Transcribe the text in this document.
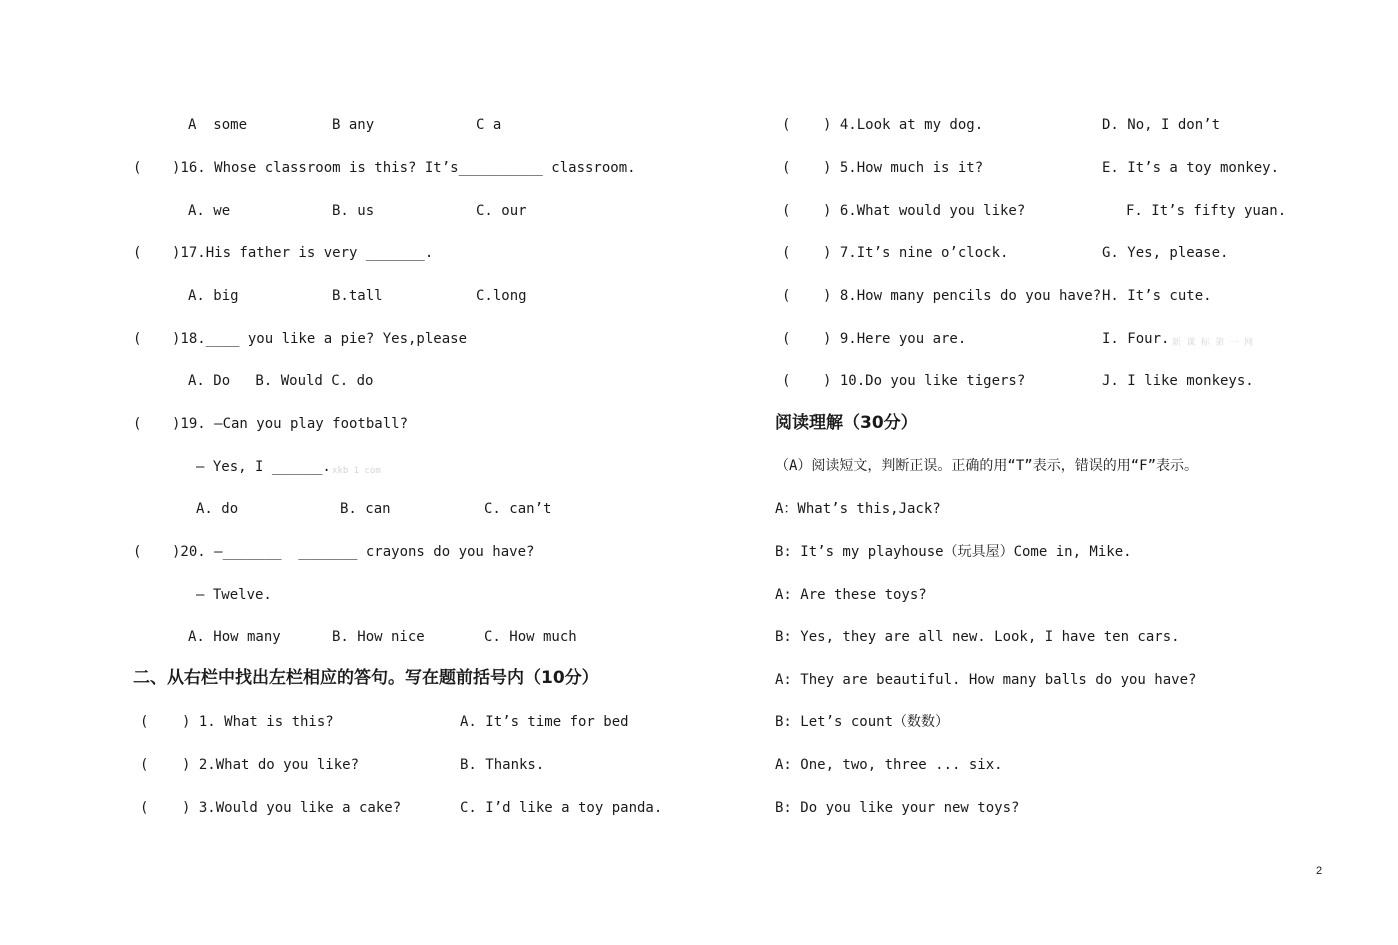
A  some	B any	C a
( )16. Whose classroom is this? It’s__________ classroom.
A. we	B. us	C. our
( )17.His father is very _______.
A. big	B.tall	C.long
( )18.____ you like a pie? Yes,please
A. Do   B. Would C. do
( )19. —Can you play football?
— Yes, I ______. xkb 1 com
A. do	B. can	C. can’t
( )20. —_______  _______ crayons do you have?
— Twelve.
A. How many	B. How nice	C. How much
二、从右栏中找出左栏相应的答句。写在题前括号内（10分）
( ) 1. What is this?	A. It’s time for bed
( ) 2.What do you like?	B. Thanks.
( ) 3.Would you like a cake?	C. I’d like a toy panda.
( ) 4.Look at my dog.	D. No, I don’t
( ) 5.How much is it?	E. It’s a toy monkey.
( ) 6.What would you like?	F. It’s fifty yuan.
( ) 7.It’s nine o’clock.	G. Yes, please.
( ) 8.How many pencils do you have? H. It’s cute.
( ) 9.Here you are.	I. Four. 新 课 标 第 一 网
( ) 10.Do you like tigers?	J. I like monkeys.
阅读理解（30分）
（A）阅读短文，判断正误。正确的用“T”表示，错误的用“F”表示。
A：What’s this,Jack?
B: It’s my playhouse（玩具屋）Come in, Mike.
A: Are these toys?
B: Yes, they are all new. Look, I have ten cars.
A: They are beautiful. How many balls do you have?
B: Let’s count（数数）
A: One, two, three ... six.
B: Do you like your new toys?
2
